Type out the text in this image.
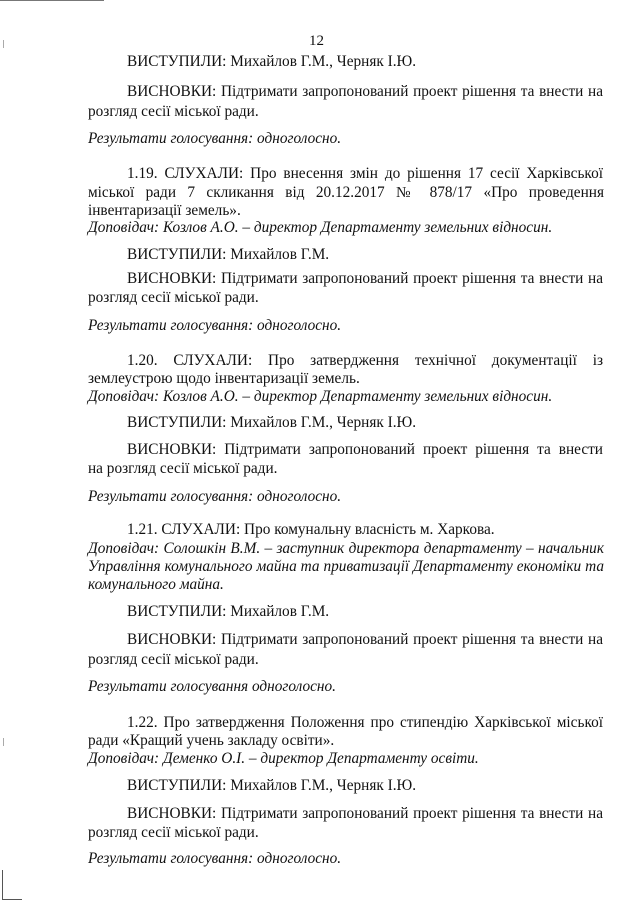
12
ВИСТУПИЛИ: Михайлов Г.М., Черняк І.Ю.
ВИСНОВКИ: Підтримати запропонований проект рішення та внести на
розгляд сесії міської ради.
Результати голосування: одноголосно.
1.19. СЛУХАЛИ: Про внесення змін до рішення 17 сесії Харківської
міської ради 7 скликання від 20.12.2017 № 878/17 «Про проведення
інвентаризації земель».
Доповідач: Козлов А.О. – директор Департаменту земельних відносин.
ВИСТУПИЛИ: Михайлов Г.М.
ВИСНОВКИ: Підтримати запропонований проект рішення та внести на
розгляд сесії міської ради.
Результати голосування: одноголосно.
1.20. СЛУХАЛИ: Про затвердження технічної документації із
землеустрою щодо інвентаризації земель.
Доповідач: Козлов А.О. – директор Департаменту земельних відносин.
ВИСТУПИЛИ: Михайлов Г.М., Черняк І.Ю.
ВИСНОВКИ: Підтримати запропонований проект рішення та внести
на розгляд сесії міської ради.
Результати голосування: одноголосно.
1.21. СЛУХАЛИ: Про комунальну власність м. Харкова.
Доповідач: Солошкін В.М. – заступник директора департаменту – начальник
Управління комунального майна та приватизації Департаменту економіки та
комунального майна.
ВИСТУПИЛИ: Михайлов Г.М.
ВИСНОВКИ: Підтримати запропонований проект рішення та внести на
розгляд сесії міської ради.
Результати голосування одноголосно.
1.22. Про затвердження Положення про стипендію Харківської міської
ради «Кращий учень закладу освіти».
Доповідач: Деменко О.І. – директор Департаменту освіти.
ВИСТУПИЛИ: Михайлов Г.М., Черняк І.Ю.
ВИСНОВКИ: Підтримати запропонований проект рішення та внести на
розгляд сесії міської ради.
Результати голосування: одноголосно.
